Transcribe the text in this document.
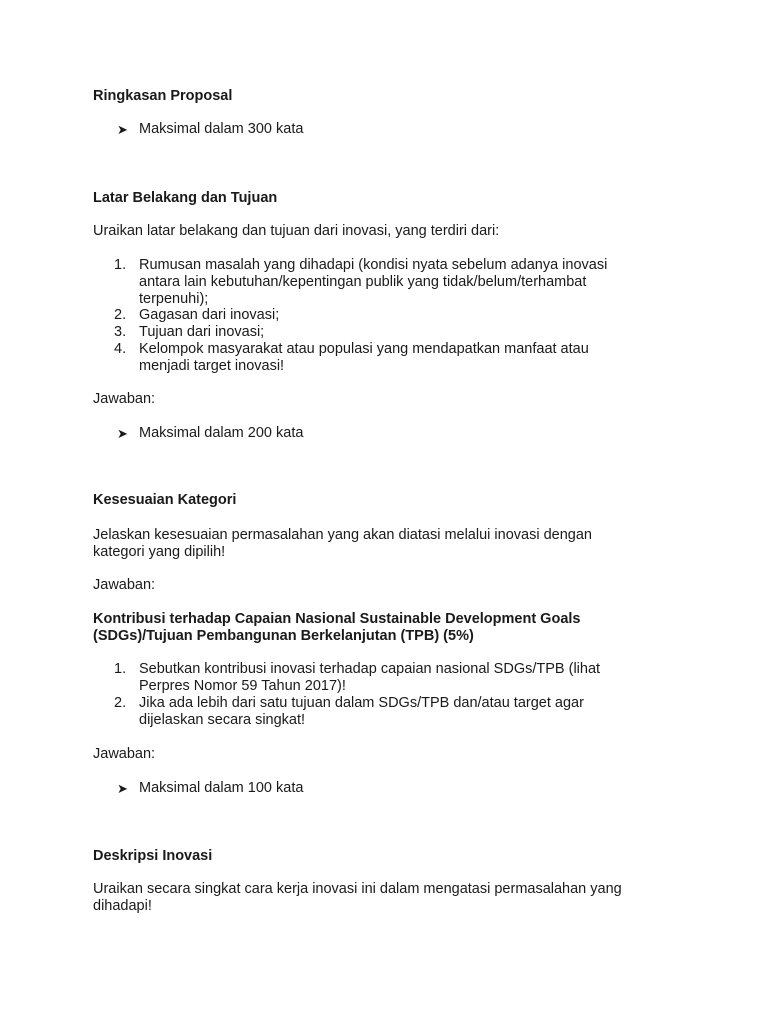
Ringkasan Proposal
➤ Maksimal dalam 300 kata
Latar Belakang dan Tujuan
Uraikan latar belakang dan tujuan dari inovasi, yang terdiri dari:
1. Rumusan masalah yang dihadapi (kondisi nyata sebelum adanya inovasi
antara lain kebutuhan/kepentingan publik yang tidak/belum/terhambat
terpenuhi);
2. Gagasan dari inovasi;
3. Tujuan dari inovasi;
4. Kelompok masyarakat atau populasi yang mendapatkan manfaat atau
menjadi target inovasi!
Jawaban:
➤ Maksimal dalam 200 kata
Kesesuaian Kategori
Jelaskan kesesuaian permasalahan yang akan diatasi melalui inovasi dengan
kategori yang dipilih!
Jawaban:
Kontribusi terhadap Capaian Nasional Sustainable Development Goals
(SDGs)/Tujuan Pembangunan Berkelanjutan (TPB) (5%)
1. Sebutkan kontribusi inovasi terhadap capaian nasional SDGs/TPB (lihat
Perpres Nomor 59 Tahun 2017)!
2. Jika ada lebih dari satu tujuan dalam SDGs/TPB dan/atau target agar
dijelaskan secara singkat!
Jawaban:
➤ Maksimal dalam 100 kata
Deskripsi Inovasi
Uraikan secara singkat cara kerja inovasi ini dalam mengatasi permasalahan yang
dihadapi!
